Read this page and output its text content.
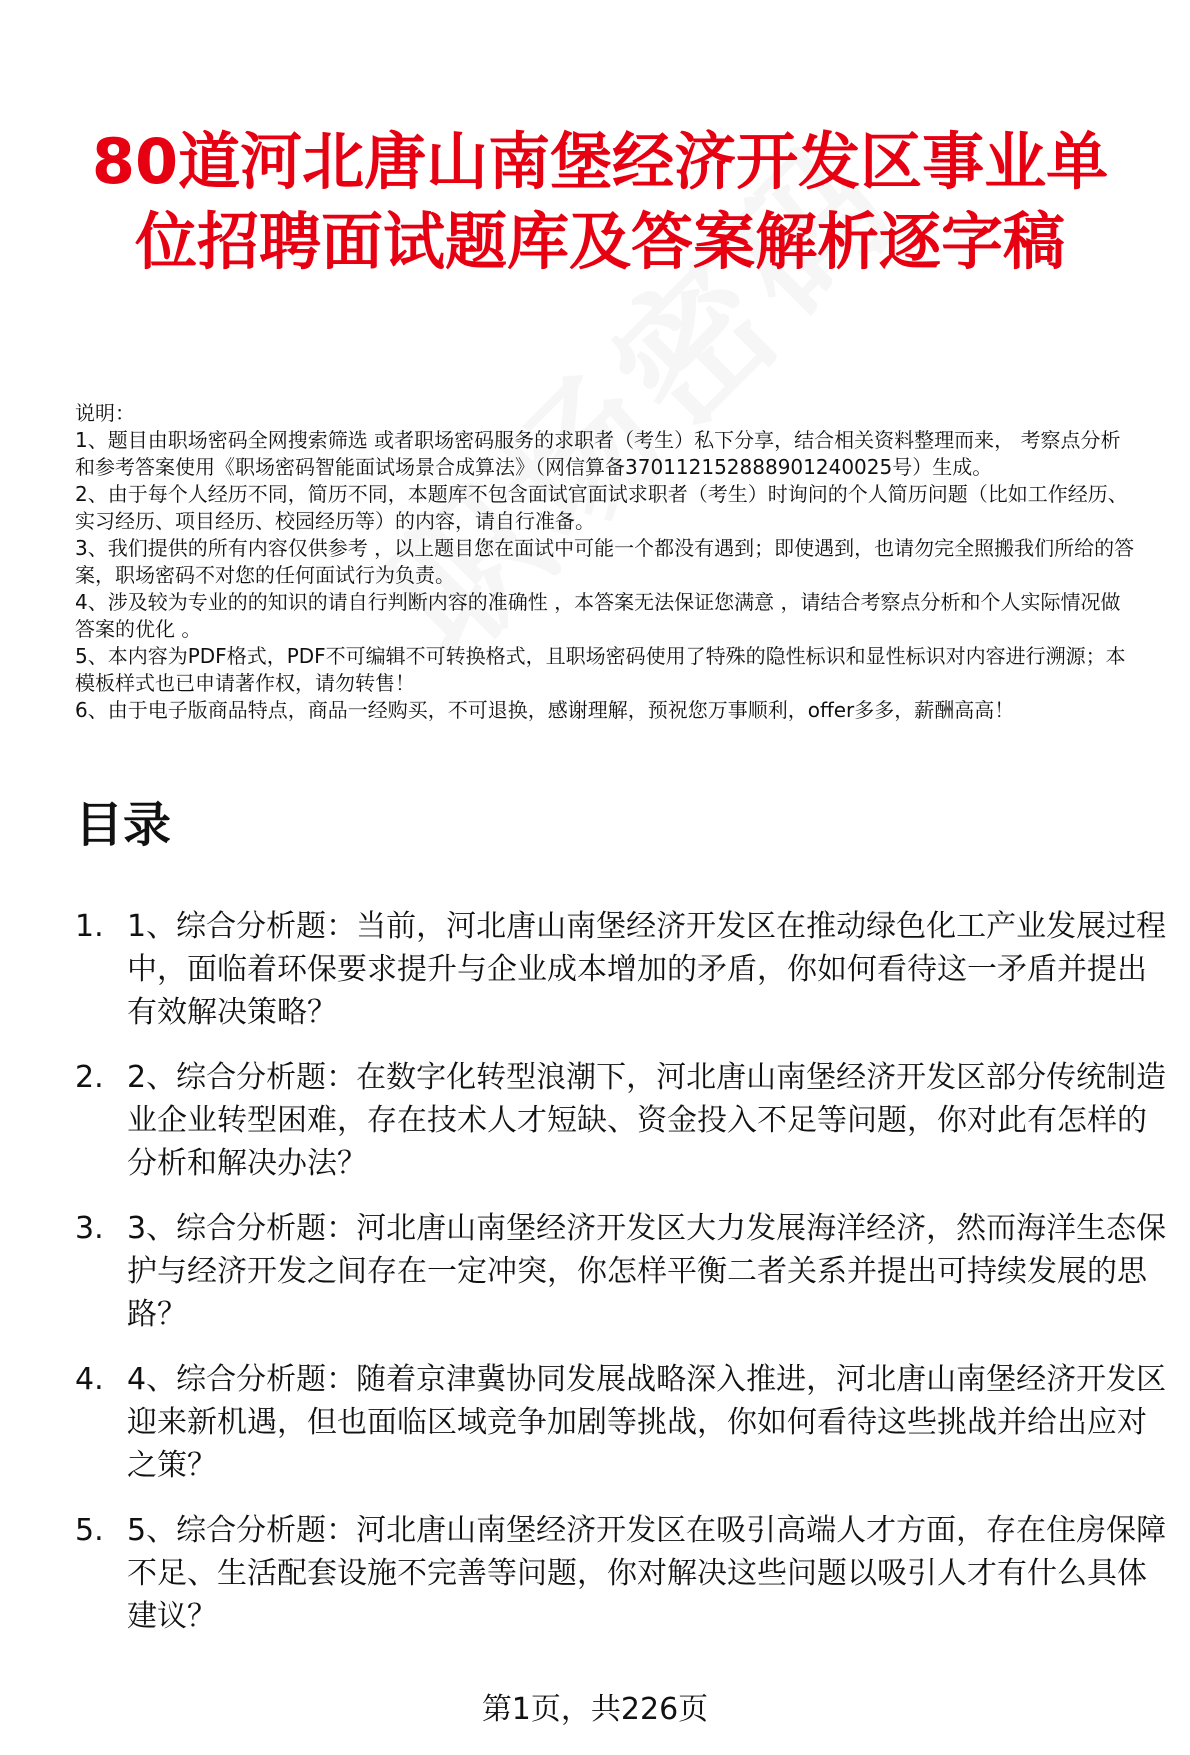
80道河北唐山南堡经济开发区事业单位招聘面试题库及答案解析逐字稿

说明：

1、题目由职场密码全网搜索筛选 或者职场密码服务的求职者（考生）私下分享，结合相关资料整理而来， 考察点分析和参考答案使用《职场密码智能面试场景合成算法》（网信算备370112152888901240025号）生成。

2、由于每个人经历不同，简历不同，本题库不包含面试官面试求职者（考生）时询问的个人简历问题（比如工作经历、实习经历、项目经历、校园经历等）的内容，请自行准备。

3、我们提供的所有内容仅供参考 ，以上题目您在面试中可能一个都没有遇到；即使遇到，也请勿完全照搬我们所给的答案，职场密码不对您的任何面试行为负责。

4、涉及较为专业的的知识的请自行判断内容的准确性 ，本答案无法保证您满意 ，请结合考察点分析和个人实际情况做答案的优化 。

5、本内容为PDF格式，PDF不可编辑不可转换格式，且职场密码使用了特殊的隐性标识和显性标识对内容进行溯源；本模板样式也已申请著作权，请勿转售！

6、由于电子版商品特点，商品一经购买，不可退换，感谢理解，预祝您万事顺利，offer多多，薪酬高高！

目录
1. 1、综合分析题：当前，河北唐山南堡经济开发区在推动绿色化工产业发展过程中，面临着环保要求提升与企业成本增加的矛盾，你如何看待这一矛盾并提出有效解决策略？
2. 2、综合分析题：在数字化转型浪潮下，河北唐山南堡经济开发区部分传统制造业企业转型困难，存在技术人才短缺、资金投入不足等问题，你对此有怎样的分析和解决办法？
3. 3、综合分析题：河北唐山南堡经济开发区大力发展海洋经济，然而海洋生态保护与经济开发之间存在一定冲突，你怎样平衡二者关系并提出可持续发展的思路？
4. 4、综合分析题：随着京津冀协同发展战略深入推进，河北唐山南堡经济开发区迎来新机遇，但也面临区域竞争加剧等挑战，你如何看待这些挑战并给出应对之策？
5. 5、综合分析题：河北唐山南堡经济开发区在吸引高端人才方面，存在住房保障不足、生活配套设施不完善等问题，你对解决这些问题以吸引人才有什么具体建议？
第1页，共226页
